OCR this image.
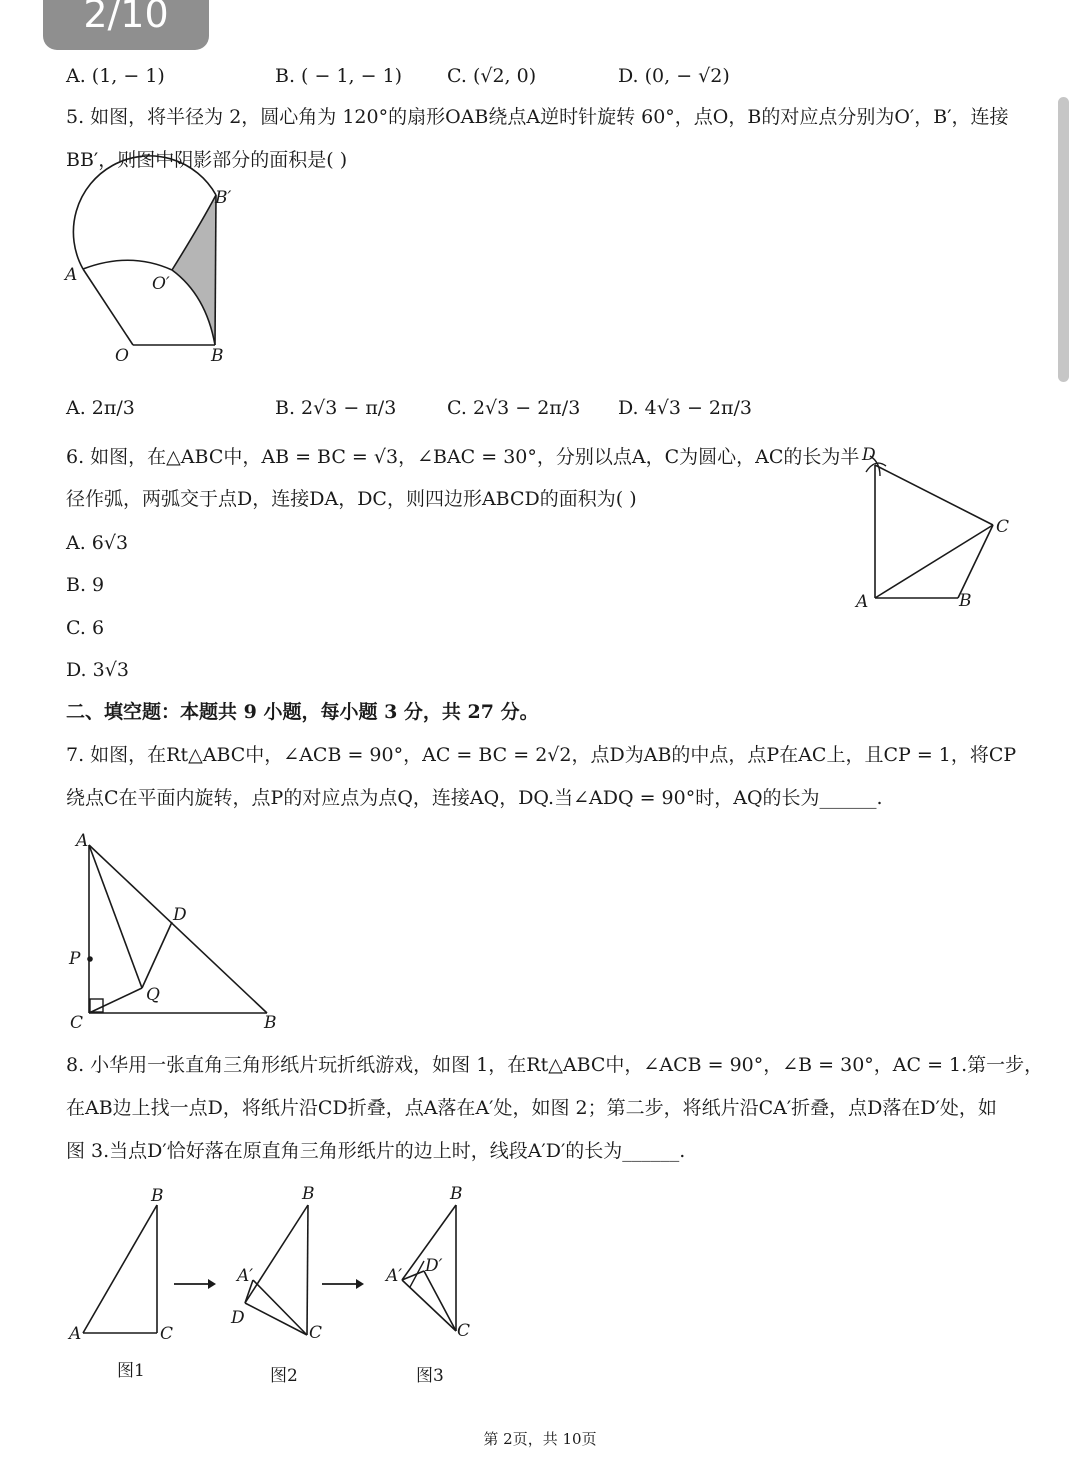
2/10
A. (1, − 1)	B. ( − 1, − 1) C. (√2, 0)	D. (0, − √2)
5. 如图，将半径为 2，圆心角为 120°的扇形OAB绕点A逆时针旋转 60°，点O，B的对应点分别为O′，B′，连接
BB′，则图中阴影部分的面积是( )
A	O′
B′
O	B
A. 2π/3	B. 2√3 − π/3	C. 2√3 − 2π/3 D. 4√3 − 2π/3
6. 如图，在△ABC中，AB = BC = √3，∠BAC = 30°，分别以点A，C为圆心，AC的长为半
径作弧，两弧交于点D，连接DA，DC，则四边形ABCD的面积为( )
A. 6√3
B. 9
C. 6
D. 3√3
D
C
A	B
二、填空题：本题共 9 小题，每小题 3 分，共 27 分。
7. 如图，在Rt△ABC中，∠ACB = 90°，AC = BC = 2√2，点D为AB的中点，点P在AC上，且CP = 1，将CP
绕点C在平面内旋转，点P的对应点为点Q，连接AQ，DQ.当∠ADQ = 90°时，AQ的长为______.
A
D
P
Q
C	B
8. 小华用一张直角三角形纸片玩折纸游戏，如图 1，在Rt△ABC中，∠ACB = 90°，∠B = 30°，AC = 1.第一步，
在AB边上找一点D，将纸片沿CD折叠，点A落在A′处，如图 2；第二步，将纸片沿CA′折叠，点D落在D′处，如
图 3.当点D′恰好落在原直角三角形纸片的边上时，线段A′D′的长为______.
B
A	C
图1
B
A′
D
C
图2
B
A′ D′
C
图3
第 2页，共 10页
